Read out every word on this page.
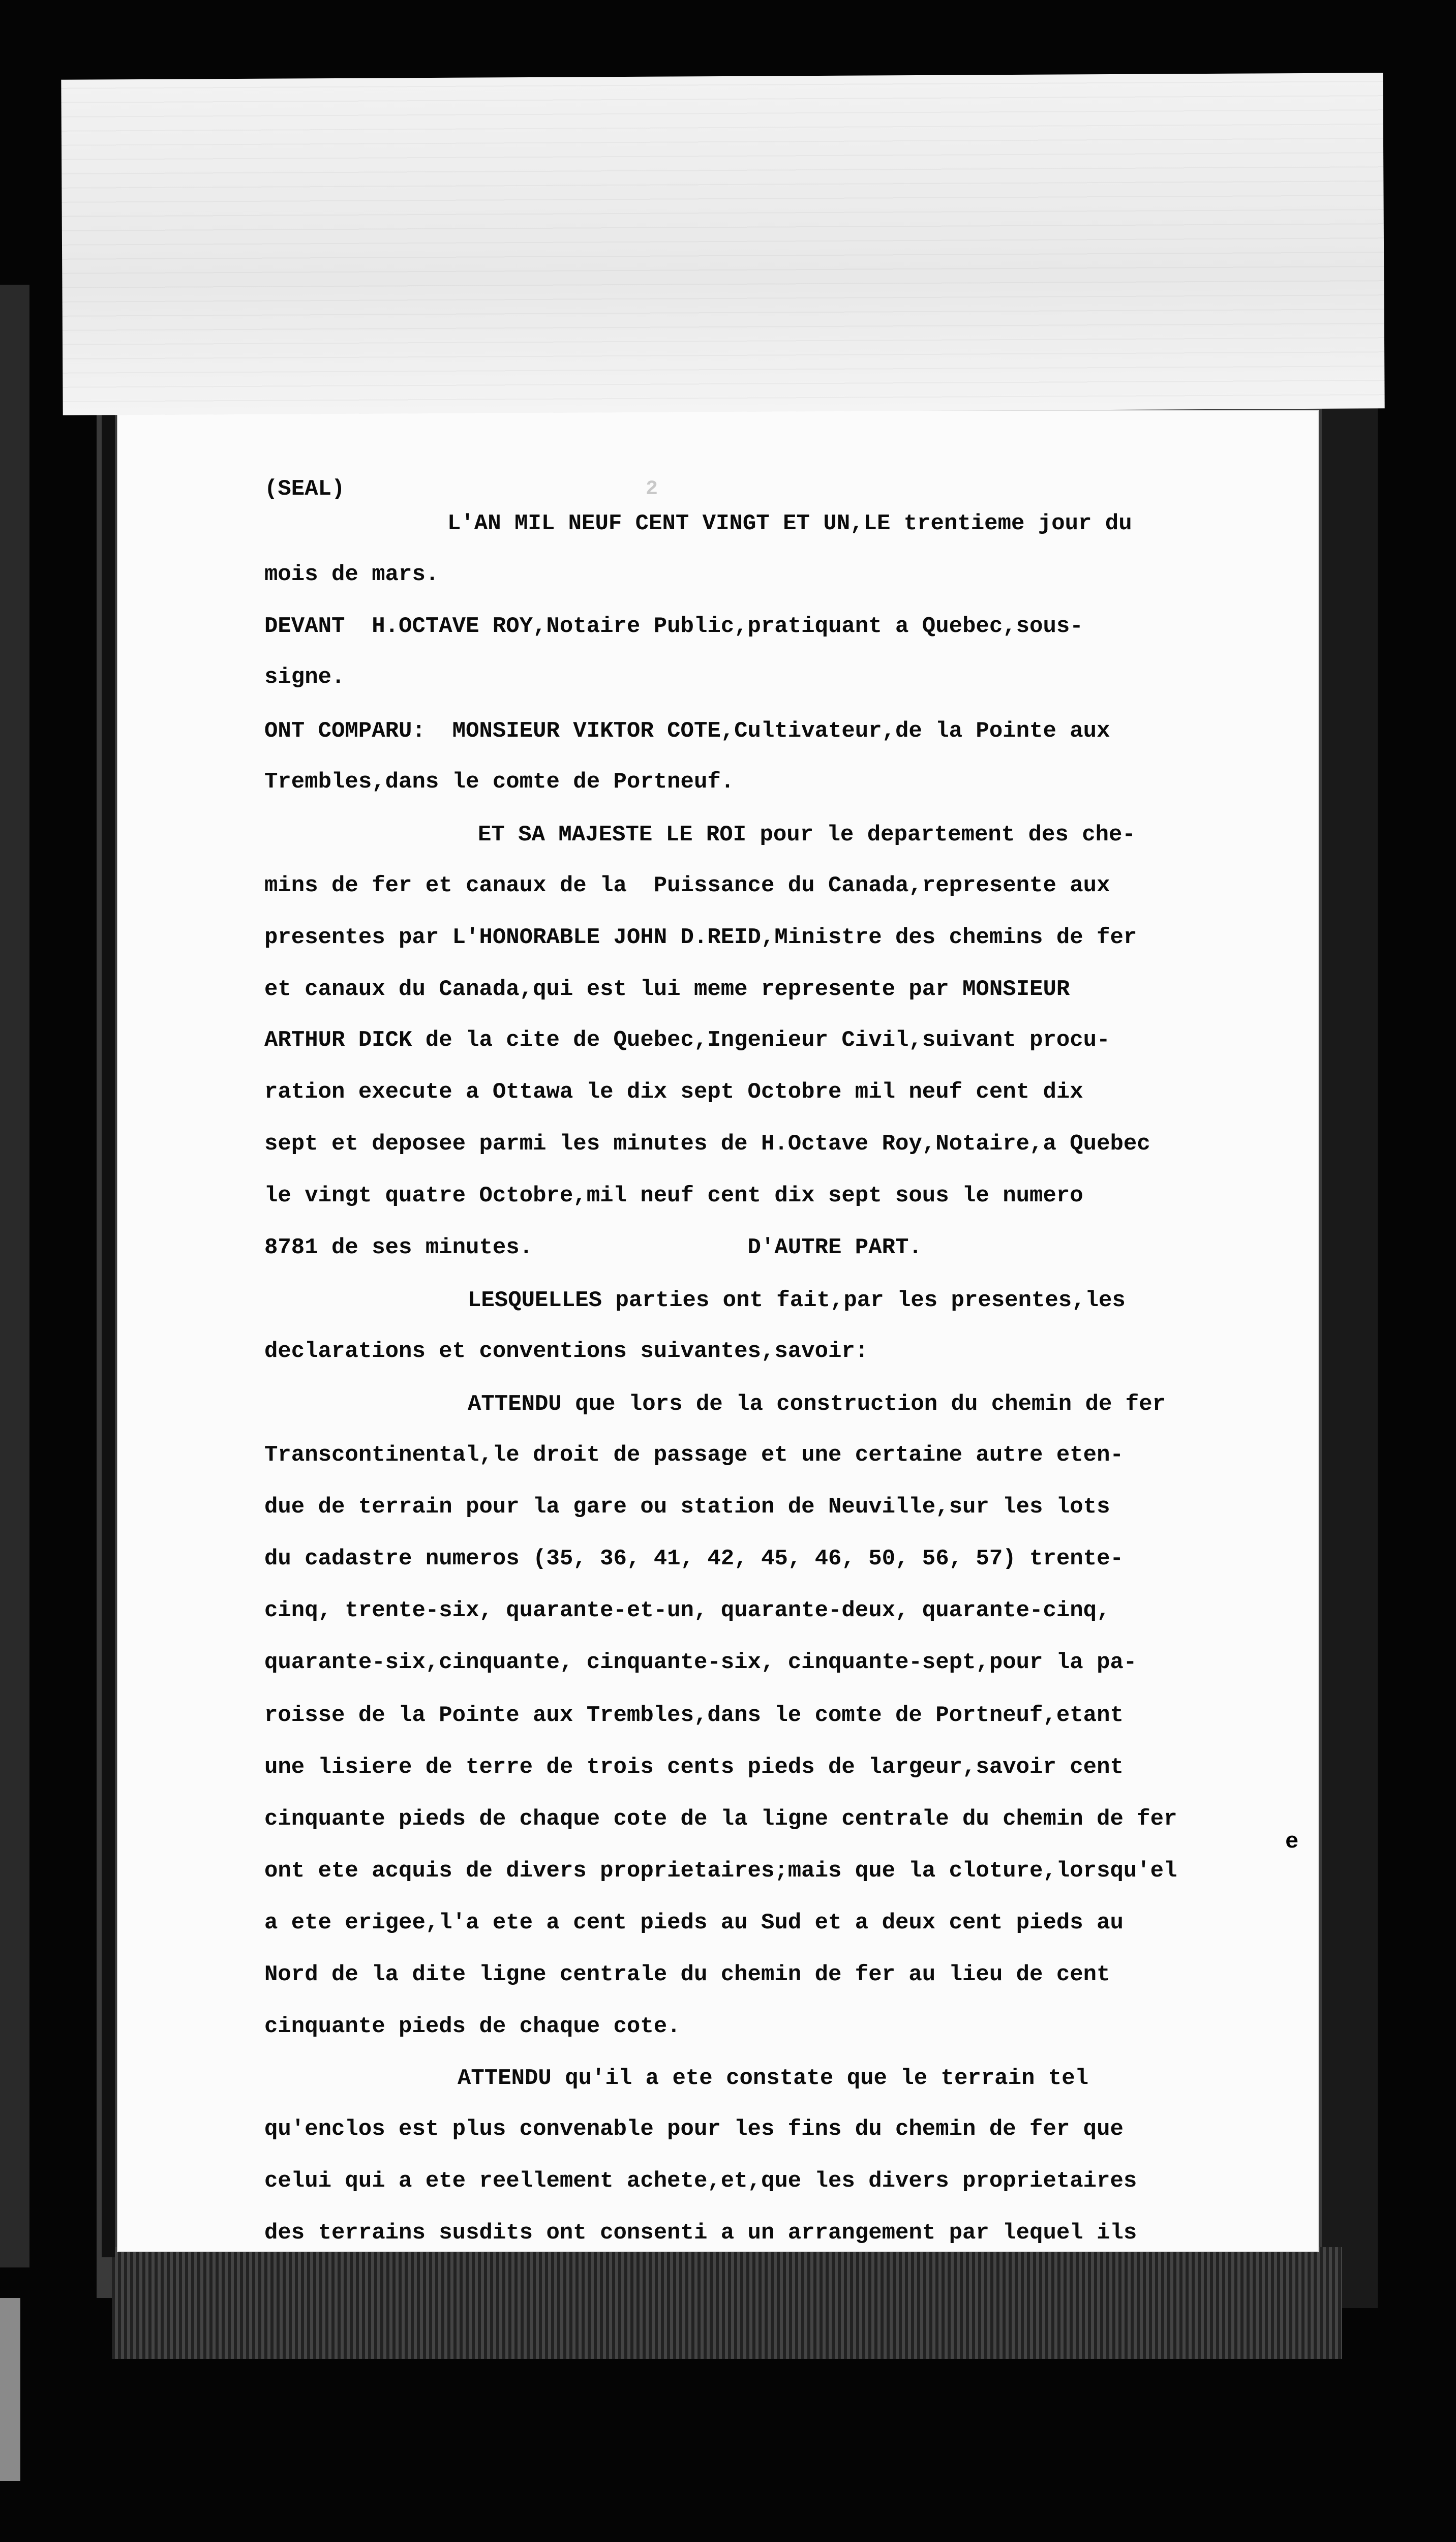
2
(SEAL)
L'AN MIL NEUF CENT VINGT ET UN,LE trentieme jour du
mois de mars.
DEVANT  H.OCTAVE ROY,Notaire Public,pratiquant a Quebec,sous-
signe.
ONT COMPARU:  MONSIEUR VIKTOR COTE,Cultivateur,de la Pointe aux
Trembles,dans le comte de Portneuf.
ET SA MAJESTE LE ROI pour le departement des che-
mins de fer et canaux de la  Puissance du Canada,represente aux
presentes par L'HONORABLE JOHN D.REID,Ministre des chemins de fer
et canaux du Canada,qui est lui meme represente par MONSIEUR
ARTHUR DICK de la cite de Quebec,Ingenieur Civil,suivant procu-
ration execute a Ottawa le dix sept Octobre mil neuf cent dix
sept et deposee parmi les minutes de H.Octave Roy,Notaire,a Quebec
le vingt quatre Octobre,mil neuf cent dix sept sous le numero
8781 de ses minutes.                D'AUTRE PART.
LESQUELLES parties ont fait,par les presentes,les
declarations et conventions suivantes,savoir:
ATTENDU que lors de la construction du chemin de fer
Transcontinental,le droit de passage et une certaine autre eten-
due de terrain pour la gare ou station de Neuville,sur les lots
du cadastre numeros (35, 36, 41, 42, 45, 46, 50, 56, 57) trente-
cinq, trente-six, quarante-et-un, quarante-deux, quarante-cinq,
quarante-six,cinquante, cinquante-six, cinquante-sept,pour la pa-
roisse de la Pointe aux Trembles,dans le comte de Portneuf,etant
une lisiere de terre de trois cents pieds de largeur,savoir cent
cinquante pieds de chaque cote de la ligne centrale du chemin de fer
ont ete acquis de divers proprietaires;mais que la cloture,lorsqu'el
a ete erigee,l'a ete a cent pieds au Sud et a deux cent pieds au
Nord de la dite ligne centrale du chemin de fer au lieu de cent
cinquante pieds de chaque cote.
ATTENDU qu'il a ete constate que le terrain tel
qu'enclos est plus convenable pour les fins du chemin de fer que
celui qui a ete reellement achete,et,que les divers proprietaires
des terrains susdits ont consenti a un arrangement par lequel ils
e
